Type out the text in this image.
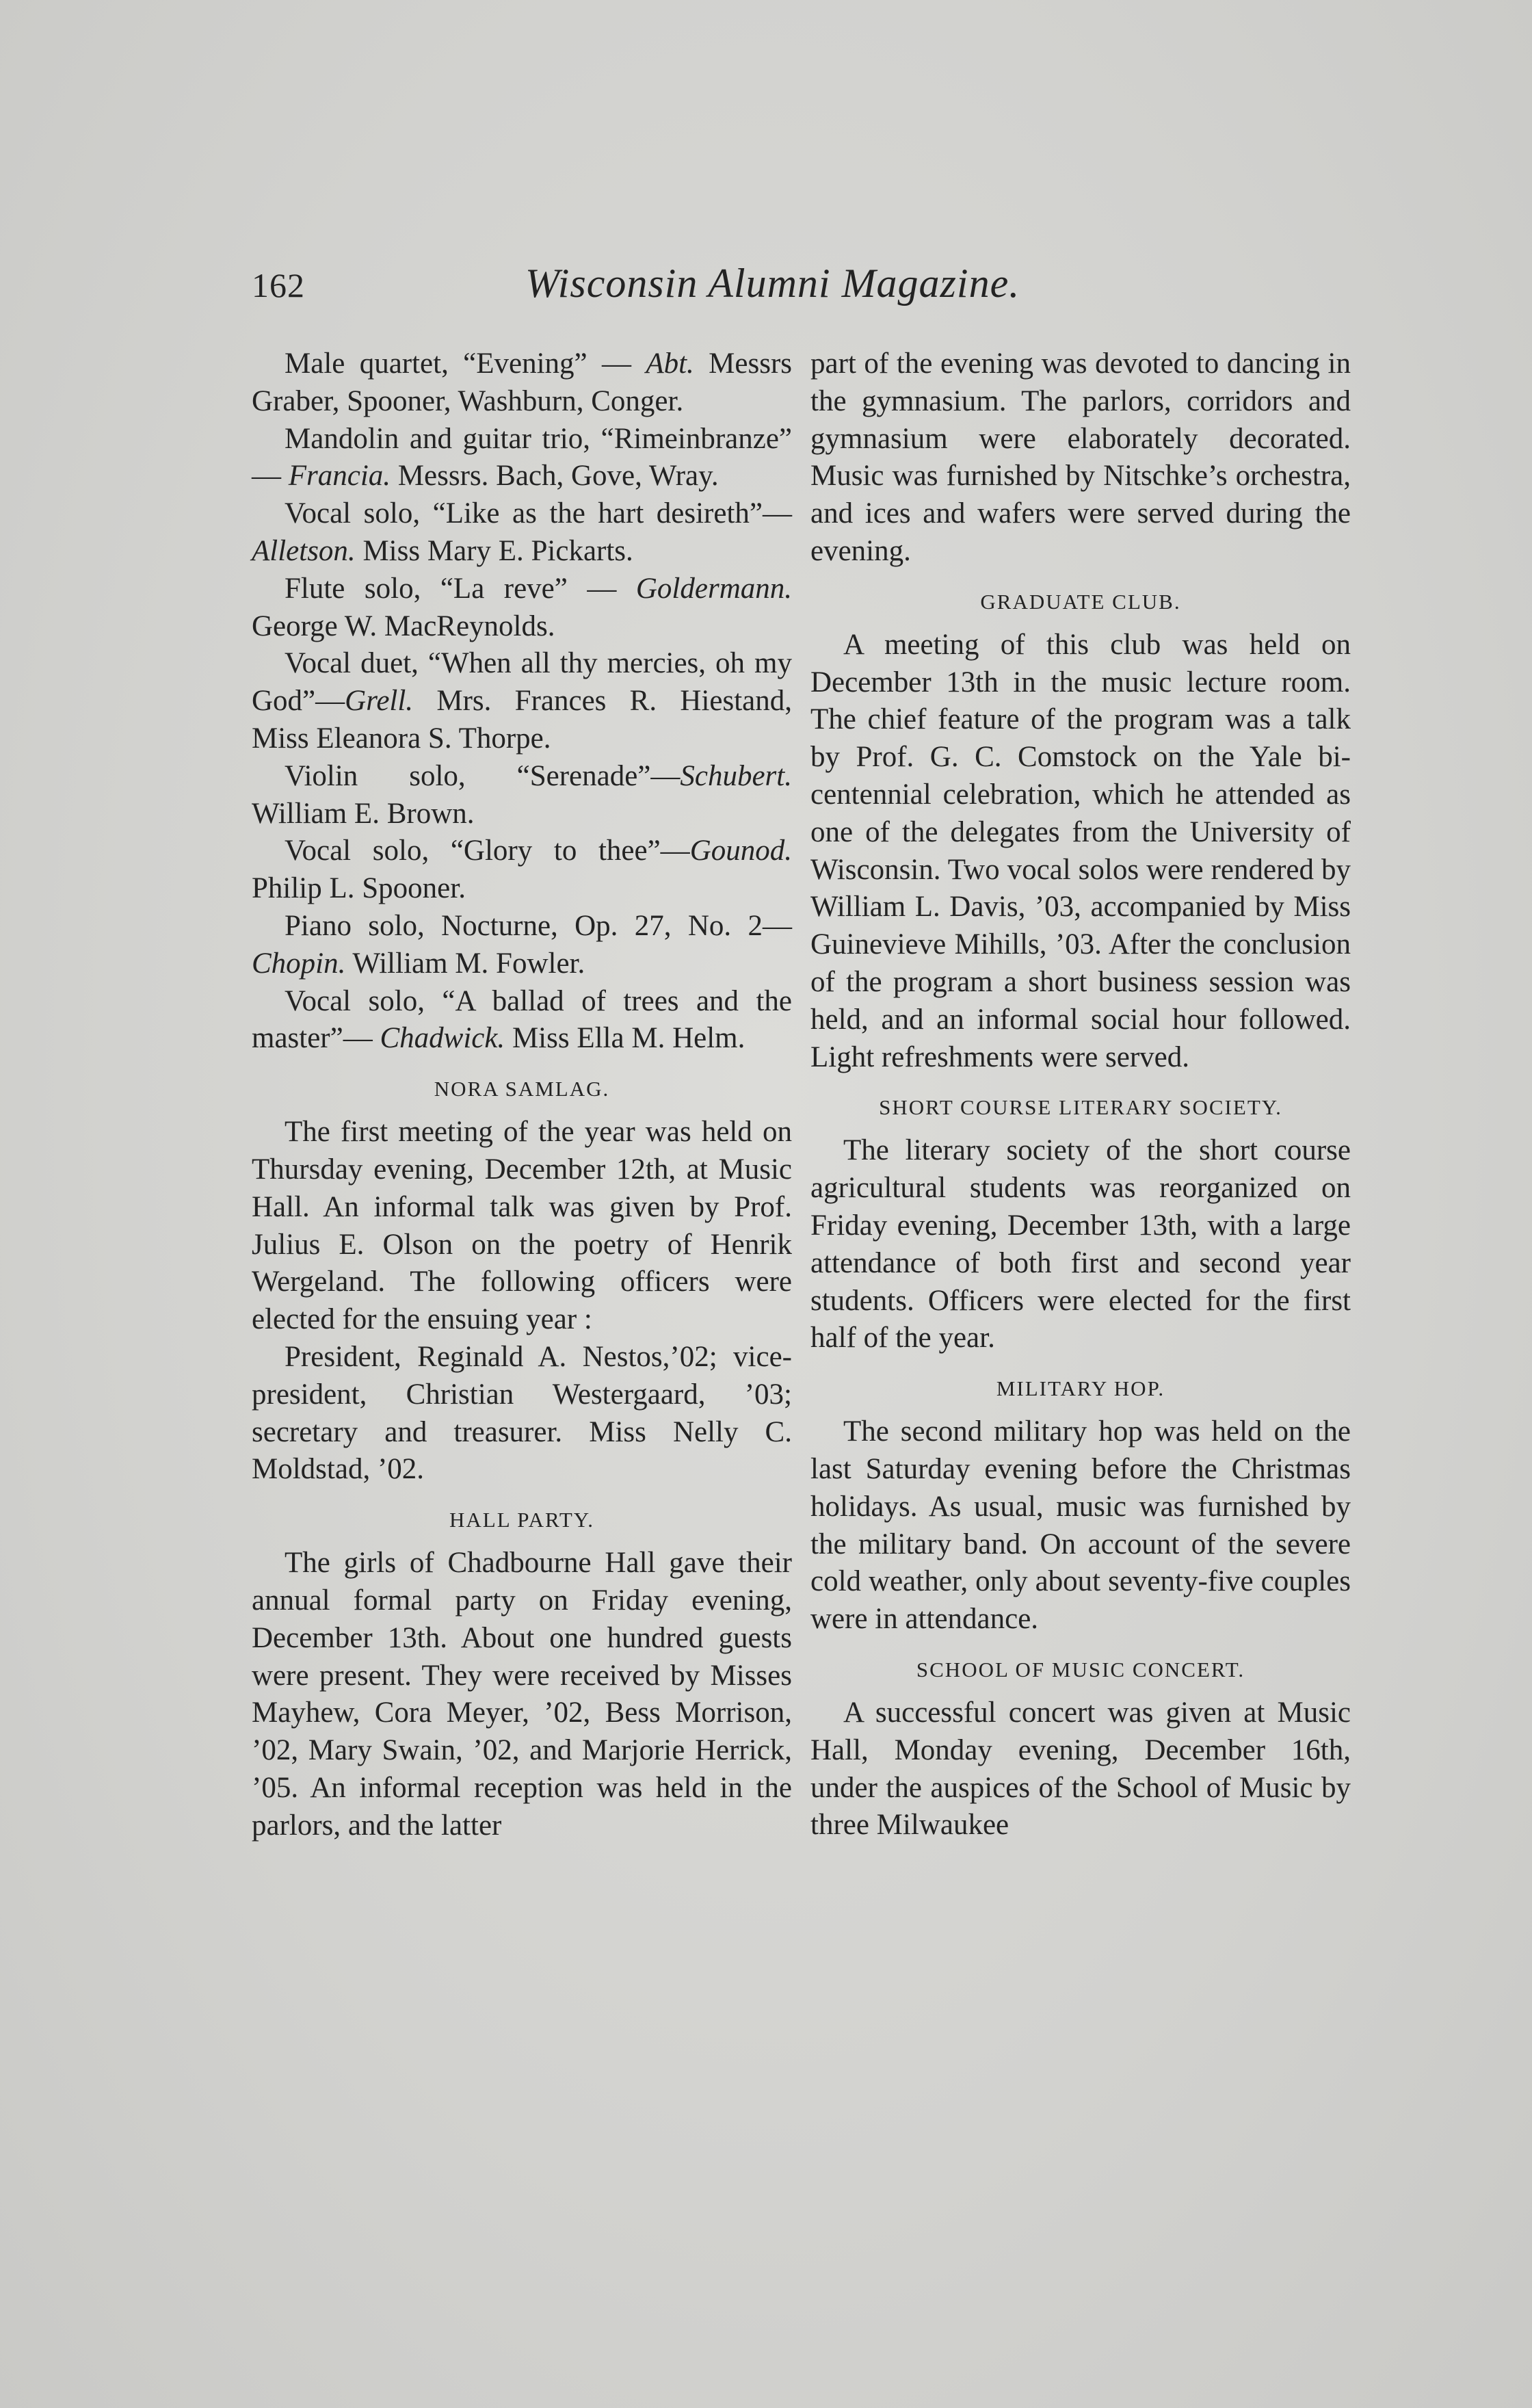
162	Wisconsin Alumni Magazine.

Male quartet, “Evening” — Abt. Messrs Graber, Spooner, Washburn, Conger.

Mandolin and guitar trio, “Rimeinbranze” — Francia. Messrs. Bach, Gove, Wray.

Vocal solo, “Like as the hart desireth”—Alletson. Miss Mary E. Pickarts.

Flute solo, “La reve” — Goldermann. George W. MacReynolds.

Vocal duet, “When all thy mercies, oh my God”—Grell. Mrs. Frances R. Hiestand, Miss Eleanora S. Thorpe.

Violin solo, “Serenade”—Schubert. William E. Brown.

Vocal solo, “Glory to thee”—Gounod. Philip L. Spooner.

Piano solo, Nocturne, Op. 27, No. 2—Chopin. William M. Fowler.

Vocal solo, “A ballad of trees and the master”— Chadwick. Miss Ella M. Helm.

NORA SAMLAG.

The first meeting of the year was held on Thursday evening, December 12th, at Music Hall. An informal talk was given by Prof. Julius E. Olson on the poetry of Henrik Wergeland. The following officers were elected for the ensuing year :

President, Reginald A. Nestos,’02; vice-president, Christian Westergaard, ’03; secretary and treasurer. Miss Nelly C. Moldstad, ’02.

HALL PARTY.

The girls of Chadbourne Hall gave their annual formal party on Friday evening, December 13th. About one hundred guests were present. They were received by Misses Mayhew, Cora Meyer, ’02, Bess Morrison, ’02, Mary Swain, ’02, and Marjorie Herrick, ’05. An informal reception was held in the parlors, and the latter

part of the evening was devoted to dancing in the gymnasium. The parlors, corridors and gymnasium were elaborately decorated. Music was furnished by Nitschke’s orchestra, and ices and wafers were served during the evening.

GRADUATE CLUB.

A meeting of this club was held on December 13th in the music lecture room. The chief feature of the program was a talk by Prof. G. C. Comstock on the Yale bi-centennial celebration, which he attended as one of the delegates from the University of Wisconsin. Two vocal solos were rendered by William L. Davis, ’03, accompanied by Miss Guinevieve Mihills, ’03. After the conclusion of the program a short business session was held, and an informal social hour followed. Light refreshments were served.

SHORT COURSE LITERARY SOCIETY.

The literary society of the short course agricultural students was reorganized on Friday evening, December 13th, with a large attendance of both first and second year students. Officers were elected for the first half of the year.

MILITARY HOP.

The second military hop was held on the last Saturday evening before the Christmas holidays. As usual, music was furnished by the military band. On account of the severe cold weather, only about seventy-five couples were in attendance.

SCHOOL OF MUSIC CONCERT.

A successful concert was given at Music Hall, Monday evening, December 16th, under the auspices of the School of Music by three Milwaukee
